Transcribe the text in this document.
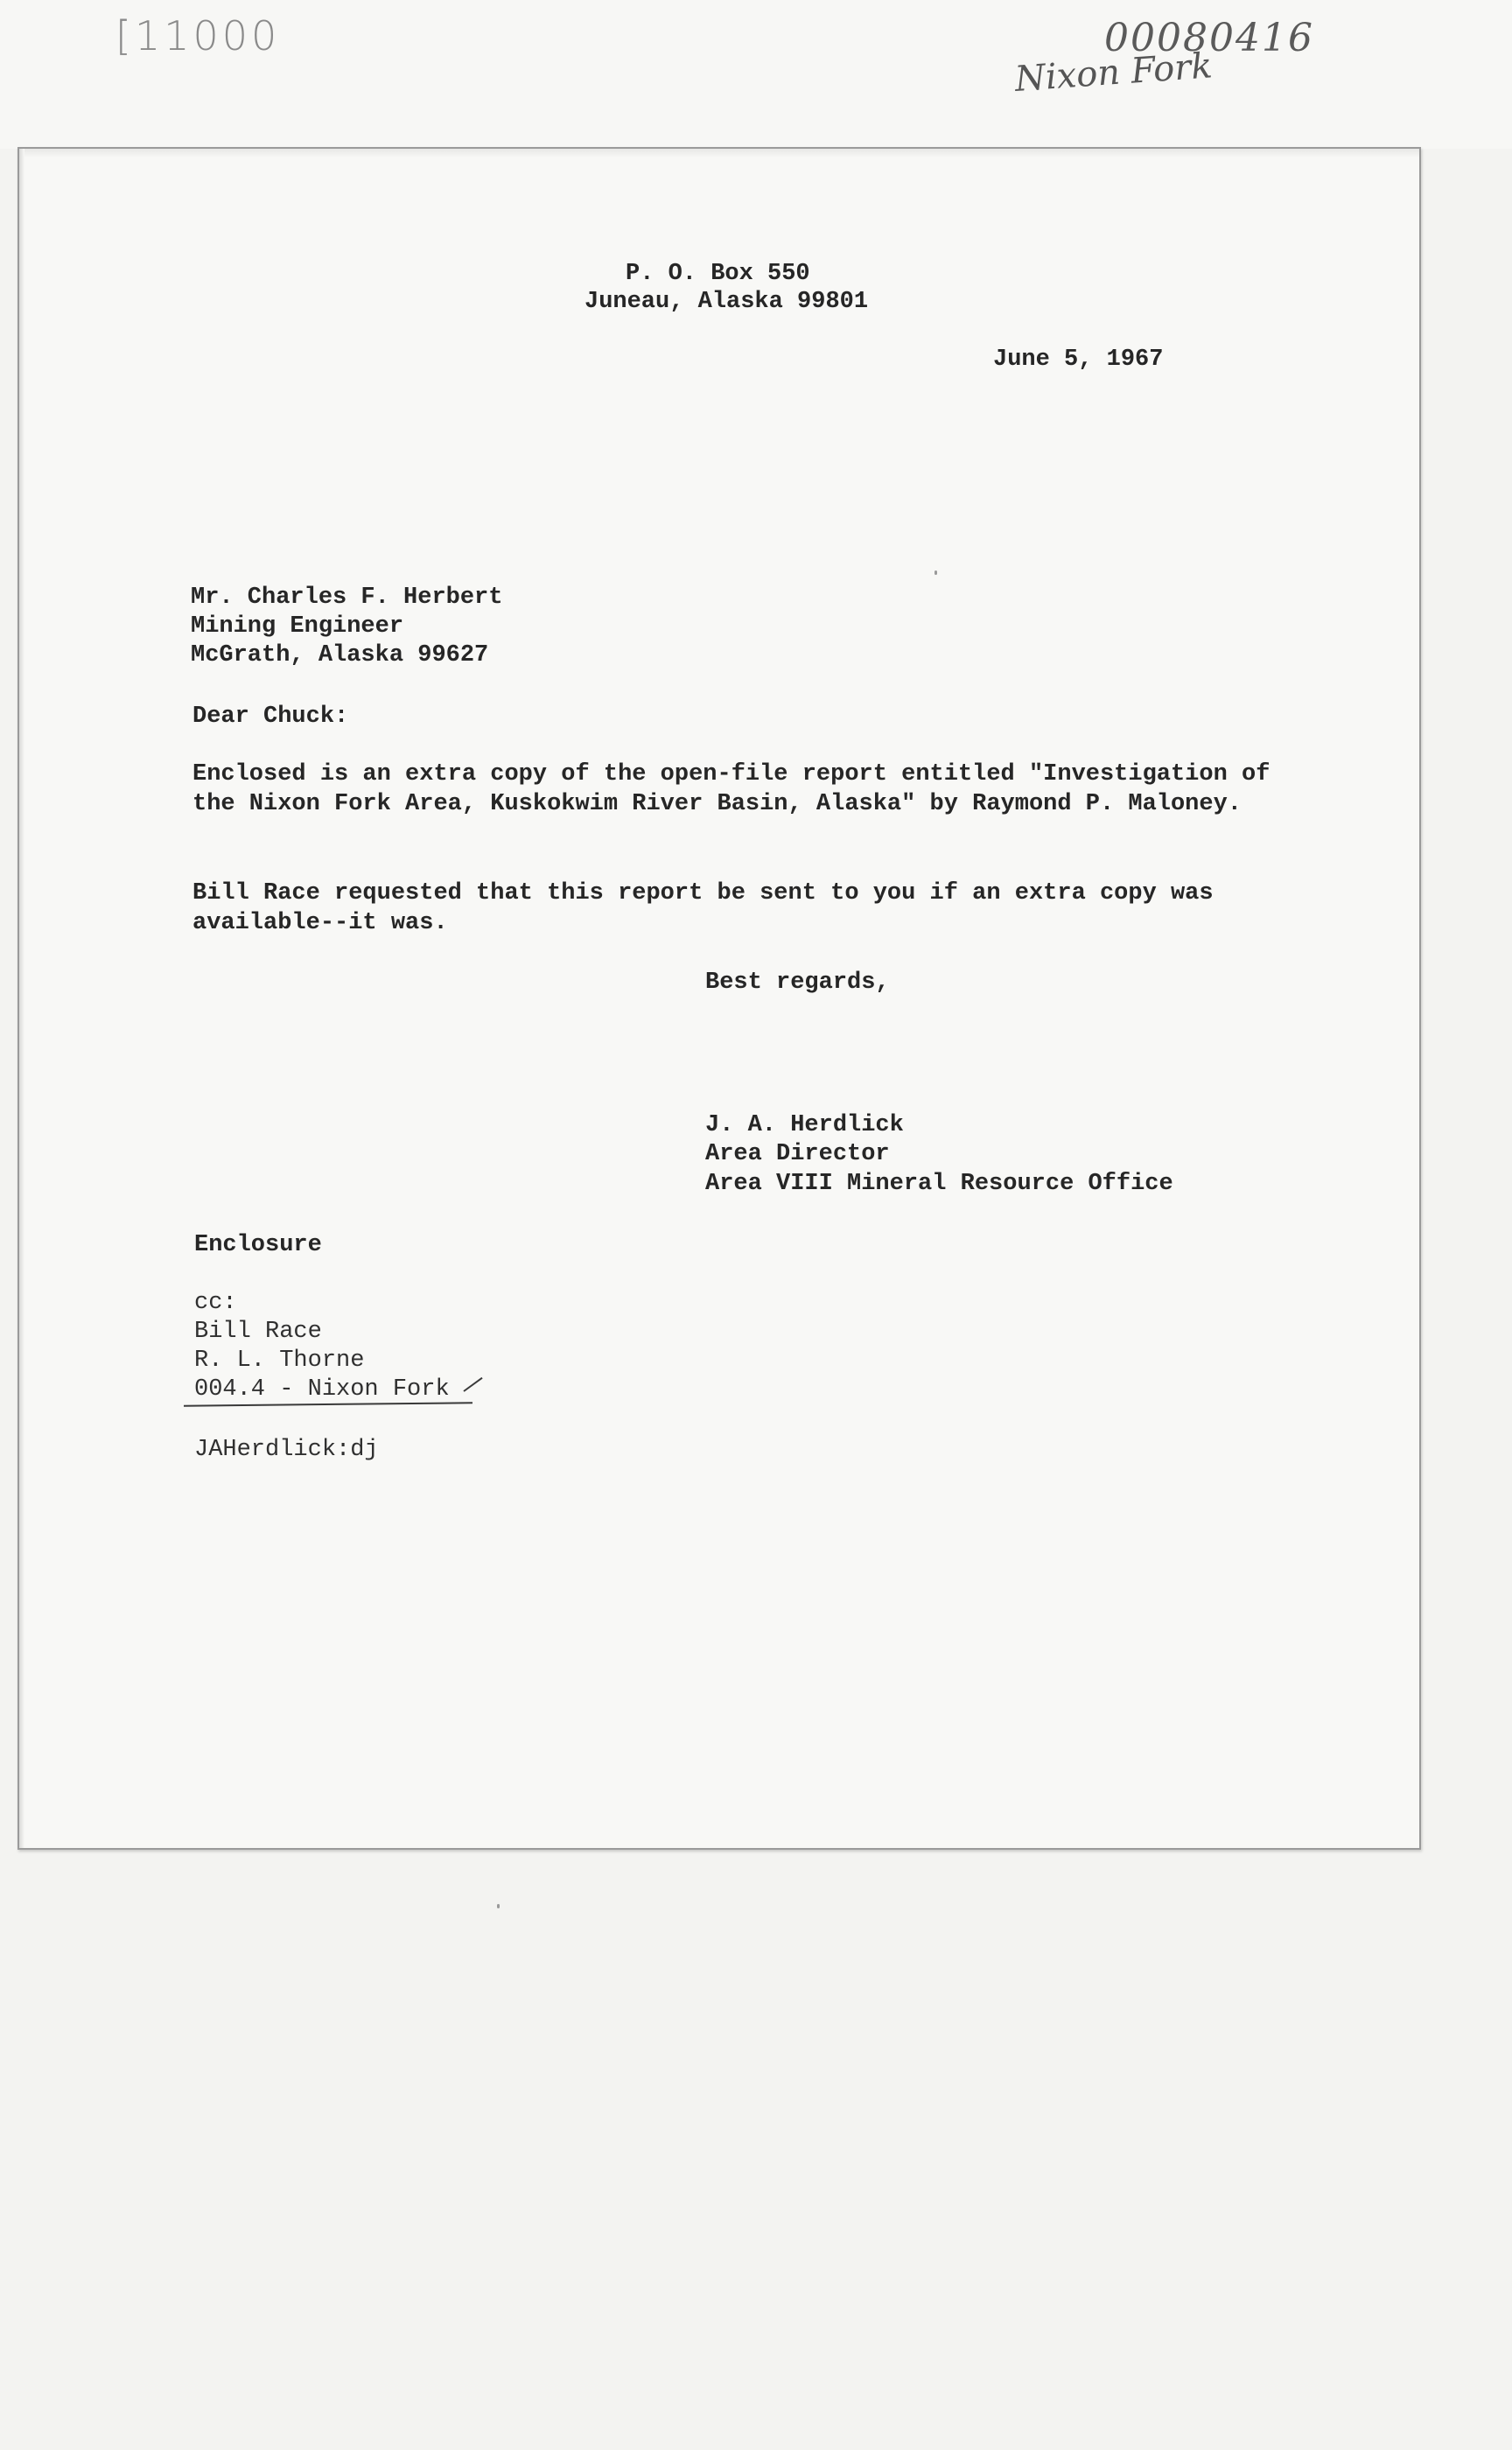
[11000	00080416
Nixon Fork
P. O. Box 550
Juneau, Alaska 99801
June 5, 1967
Mr. Charles F. Herbert
Mining Engineer
McGrath, Alaska 99627
Dear Chuck:
Enclosed is an extra copy of the open-file report entitled "Investigation of the Nixon Fork Area, Kuskokwim River Basin, Alaska" by Raymond P. Maloney.
Bill Race requested that this report be sent to you if an extra copy was available--it was.
Best regards,
J. A. Herdlick
Area Director
Area VIII Mineral Resource Office
Enclosure
cc:
Bill Race
R. L. Thorne
004.4 - Nixon Fork
JAHerdlick:dj
